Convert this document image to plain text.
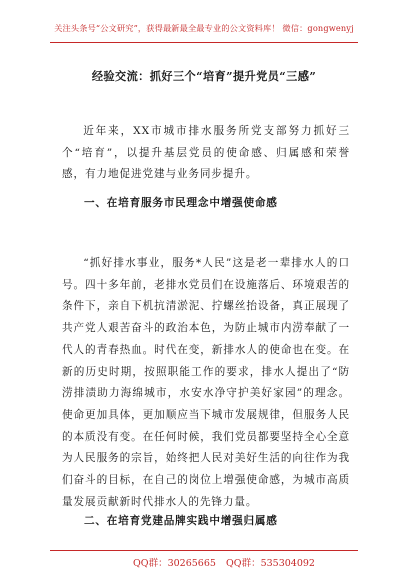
关注头条号“公文研究”，获得最新最全最专业的公文资料库！ 微信：gongwenyj
经验交流：抓好三个“培育”提升党员“三感”

近年来，XX市城市排水服务所党支部努力抓好三个“培育”，以提升基层党员的使命感、归属感和荣誉感，有力地促进党建与业务同步提升。

一、在培育服务市民理念中增强使命感

“抓好排水事业，服务*人民”这是老一辈排水人的口号。四十多年前，老排水党员们在设施落后、环境艰苦的条件下，亲自下机抗清淤泥、拧螺丝抬设备，真正展现了共产党人艰苦奋斗的政治本色，为防止城市内涝奉献了一代人的青春热血。时代在变，新排水人的使命也在变。在新的历史时期，按照职能工作的要求，排水人提出了“防涝排渍助力海绵城市，水安水净守护美好家园”的理念。使命更加具体，更加顺应当下城市发展规律，但服务人民的本质没有变。在任何时候，我们党员都要坚持全心全意为人民服务的宗旨，始终把人民对美好生活的向往作为我们奋斗的目标，在自己的岗位上增强使命感，为城市高质量发展贡献新时代排水人的先锋力量。

二、在培育党建品牌实践中增强归属感
QQ群：30265665 QQ群：535304092
